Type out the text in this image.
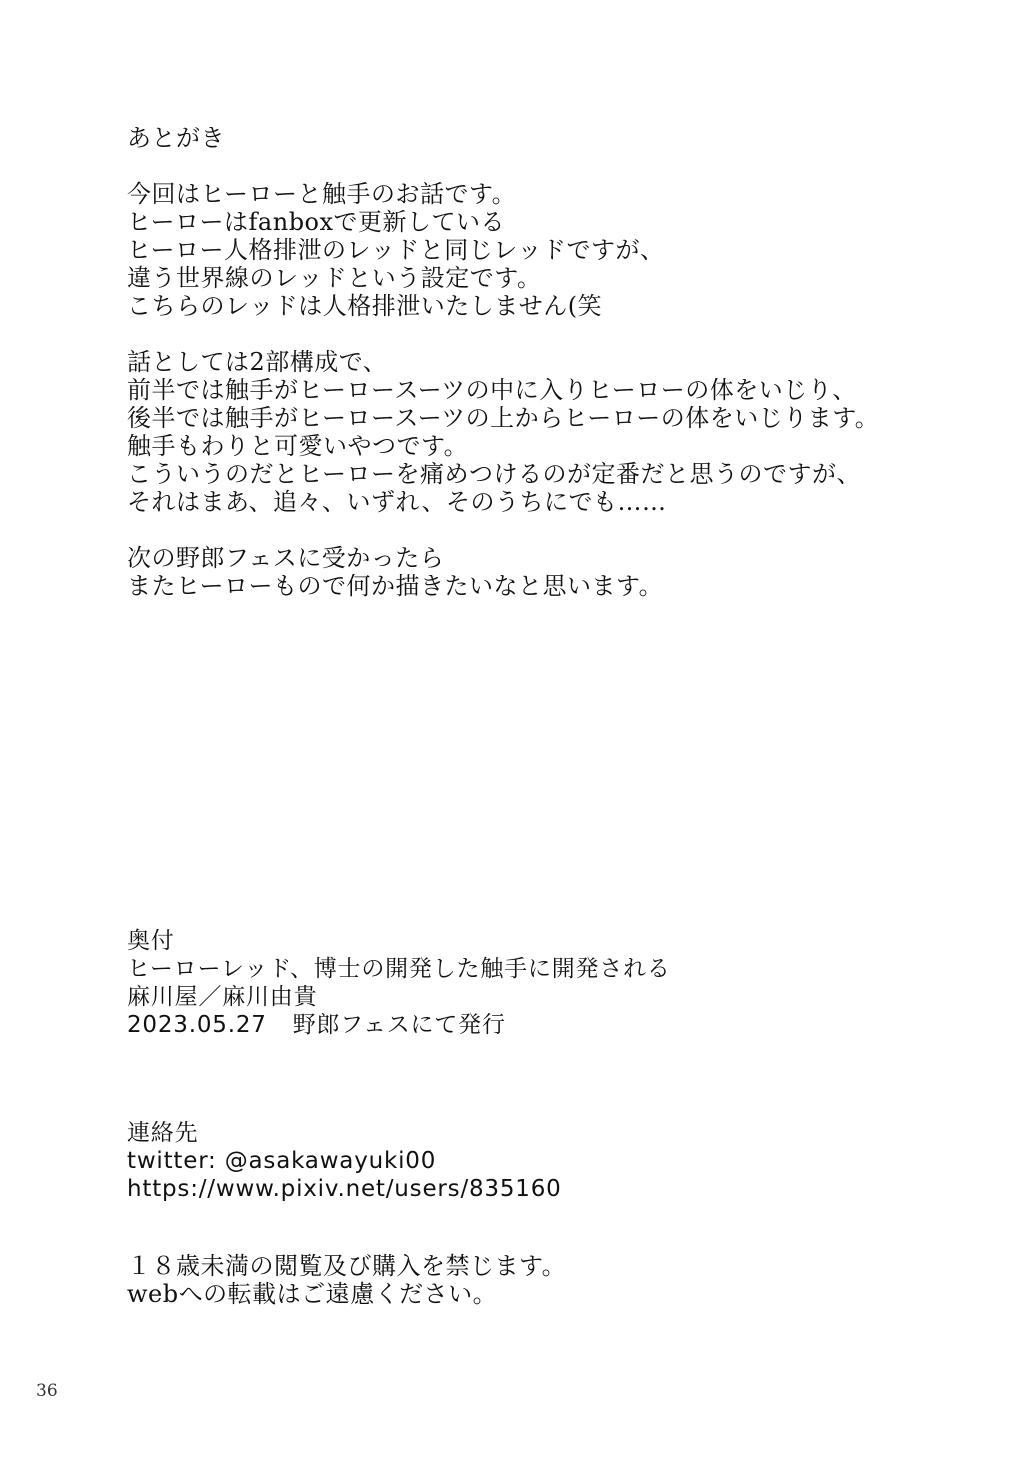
あとがき
今回はヒーローと触手のお話です。
ヒーローはfanboxで更新している
ヒーロー人格排泄のレッドと同じレッドですが、
違う世界線のレッドという設定です。
こちらのレッドは人格排泄いたしません(笑
話としては2部構成で、
前半では触手がヒーロースーツの中に入りヒーローの体をいじり、
後半では触手がヒーロースーツの上からヒーローの体をいじります。
触手もわりと可愛いやつです。
こういうのだとヒーローを痛めつけるのが定番だと思うのですが、
それはまあ、追々、いずれ、そのうちにでも……
次の野郎フェスに受かったら
またヒーローもので何か描きたいなと思います。
奥付
ヒーローレッド、博士の開発した触手に開発される
麻川屋／麻川由貴
2023.05.27 野郎フェスにて発行
連絡先
twitter: @asakawayuki00
https://www.pixiv.net/users/835160
１８歳未満の閲覧及び購入を禁じます。
webへの転載はご遠慮ください。
36
